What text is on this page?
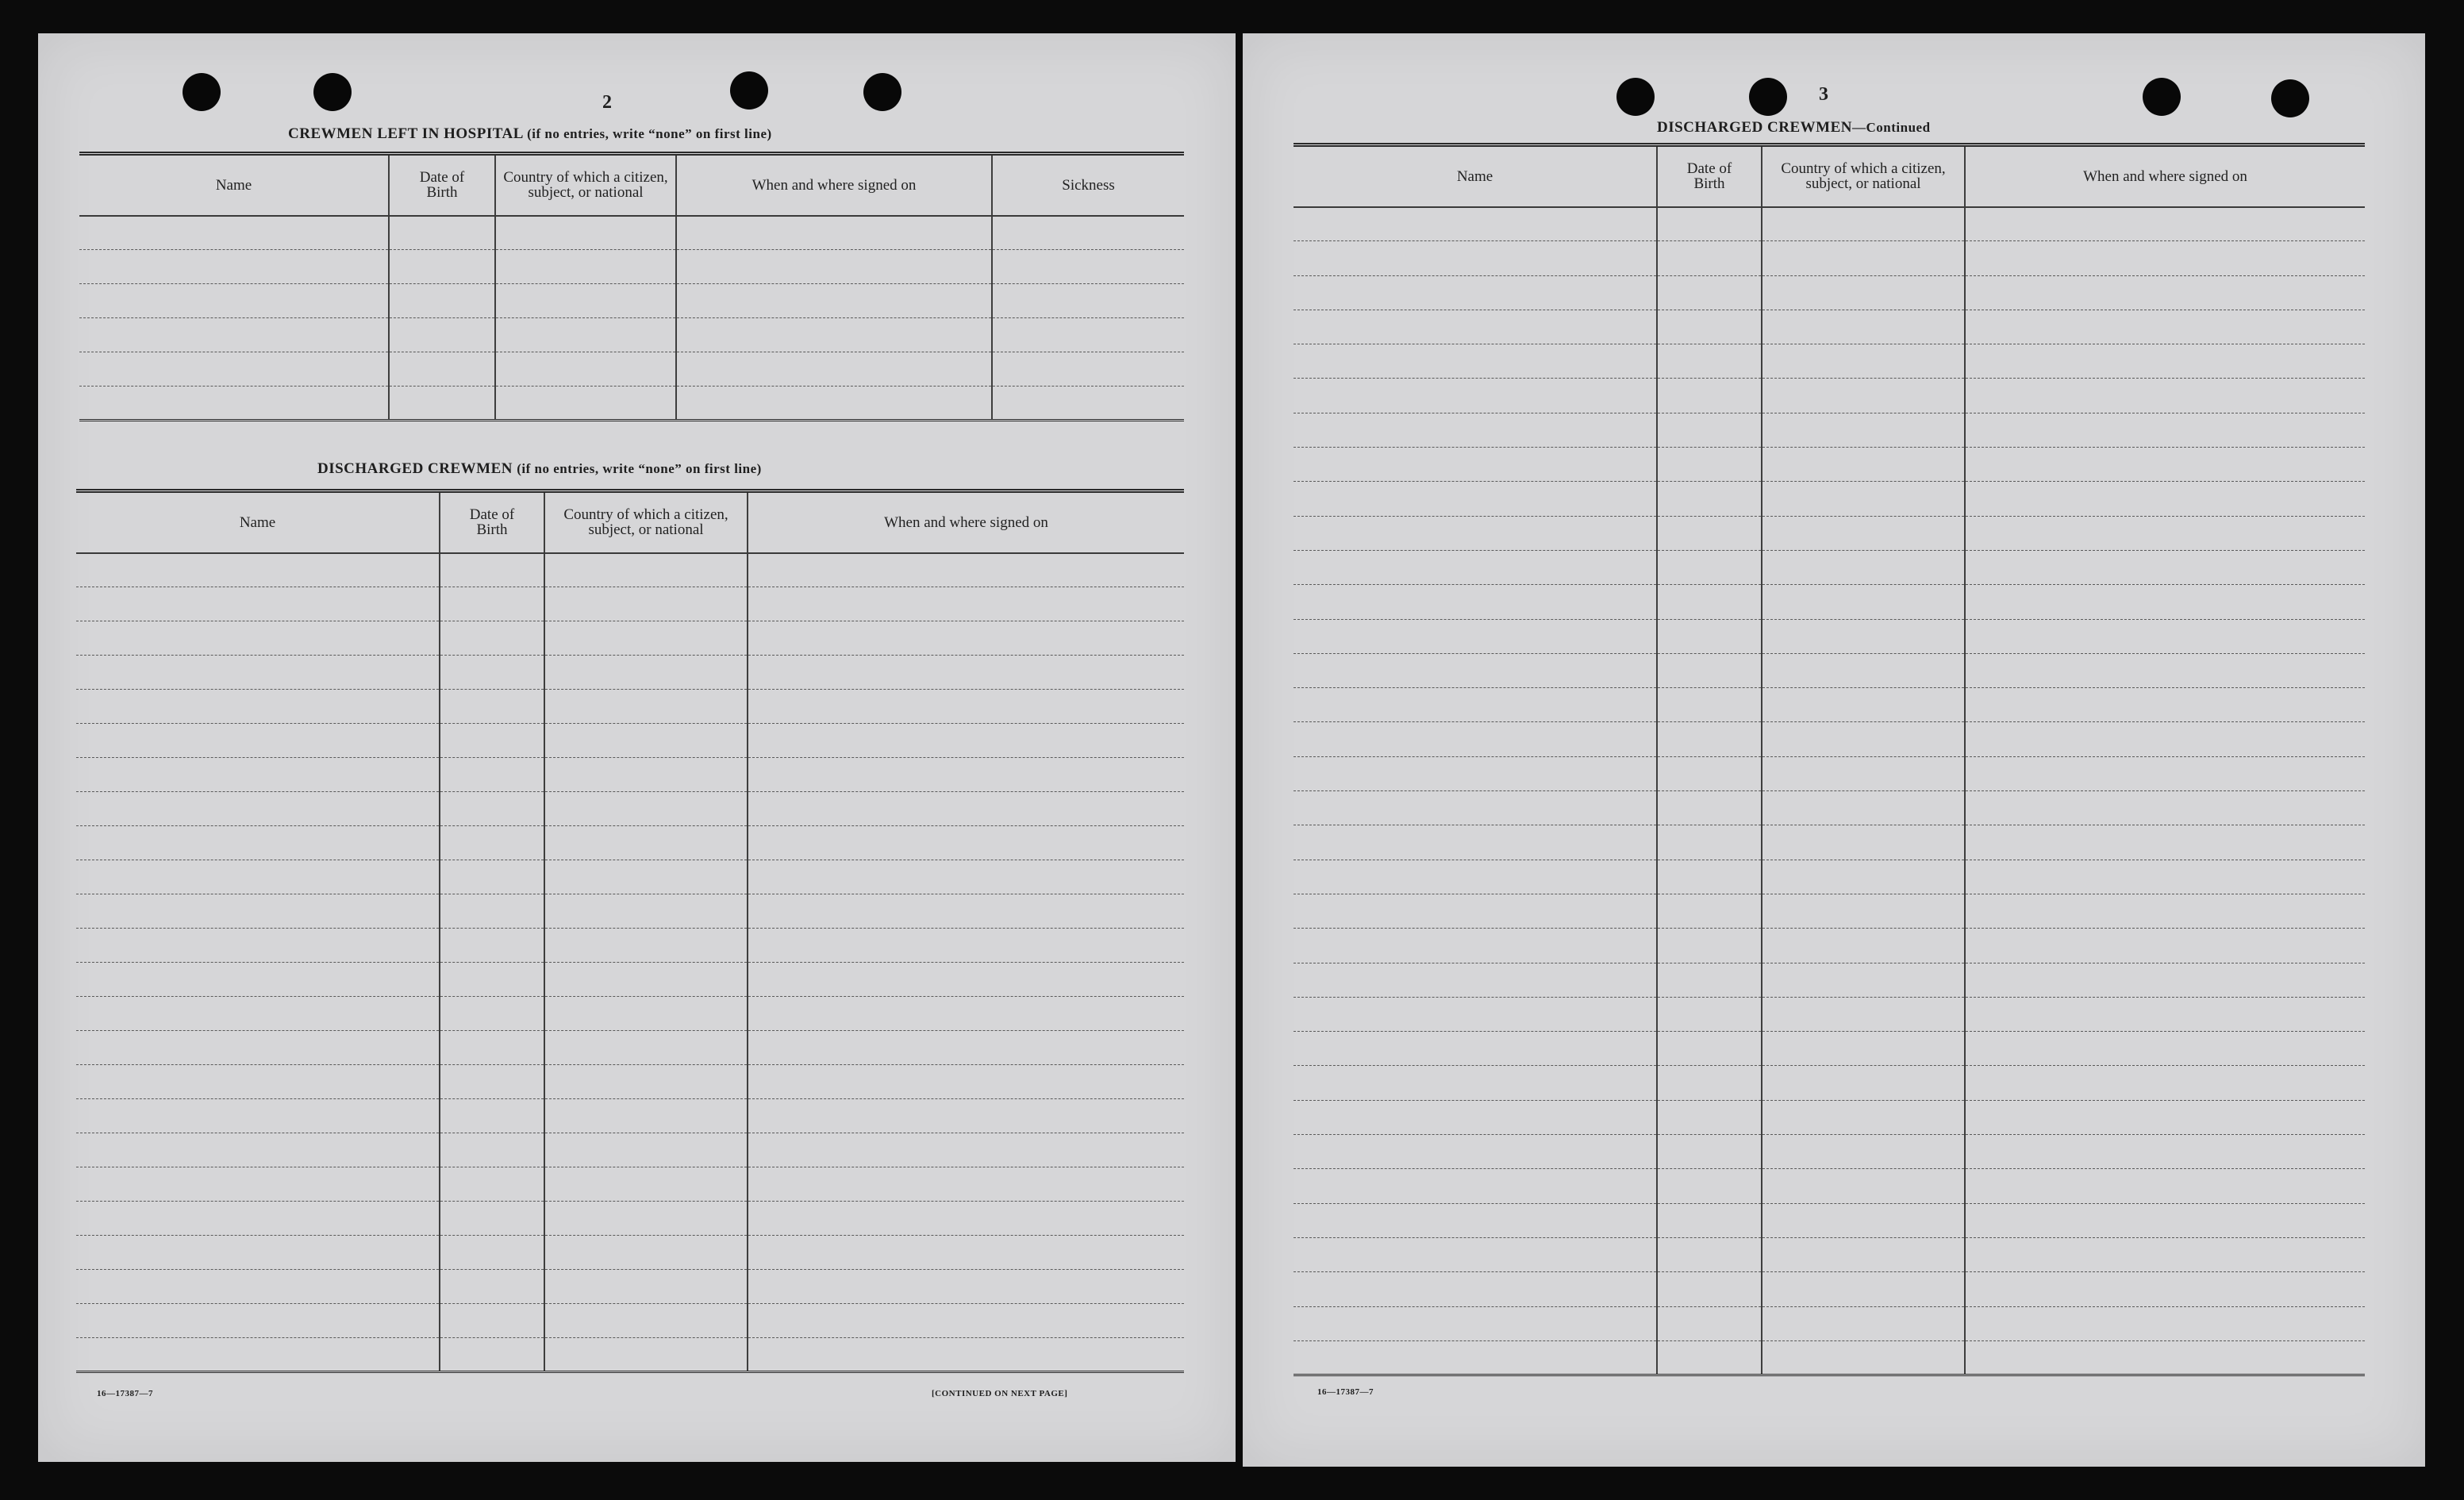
2
CREWMEN LEFT IN HOSPITAL (if no entries, write “none” on first line)
Name	Date of Birth	Country of which a citizen, subject, or national	When and where signed on	Sickness

DISCHARGED CREWMEN (if no entries, write “none” on first line)
Name	Date of Birth	Country of which a citizen, subject, or national	When and where signed on

16—17387—7	[CONTINUED ON NEXT PAGE]
3
DISCHARGED CREWMEN—Continued
Name	Date of Birth	Country of which a citizen, subject, or national	When and where signed on

16—17387—7
